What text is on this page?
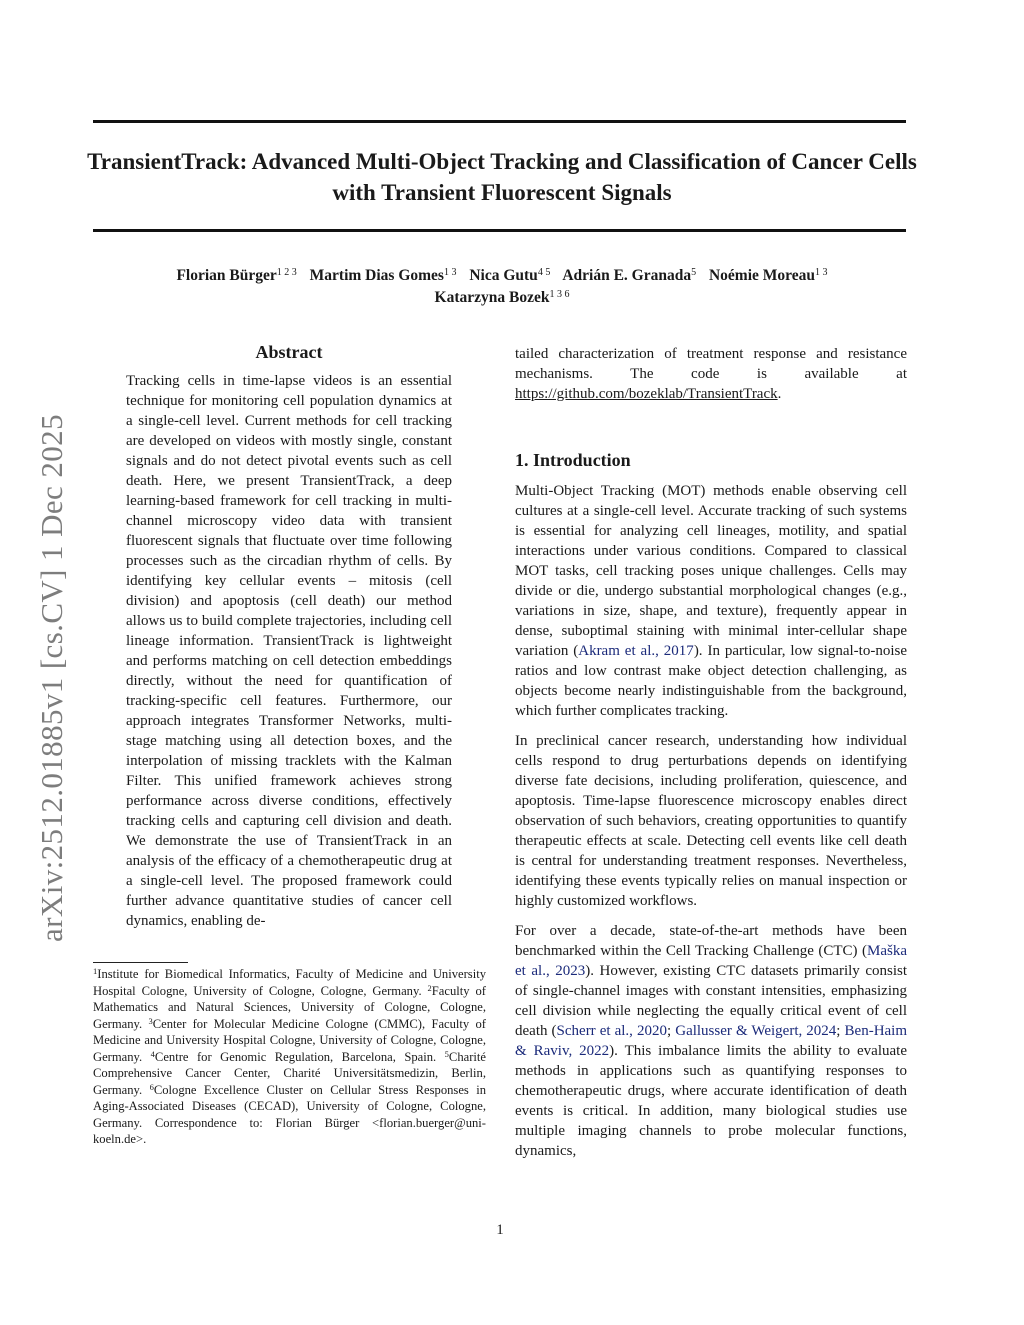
arXiv:2512.01885v1 [cs.CV] 1 Dec 2025
TransientTrack: Advanced Multi-Object Tracking and Classification of Cancer Cells with Transient Fluorescent Signals
Florian Bürger$^{1 2 3}$ Martim Dias Gomes$^{1 3}$ Nica Gutu$^{4 5}$ Adrián E. Granada$^5$ Noémie Moreau$^{1 3}$
Katarzyna Bozek$^{1 3 6}$
Abstract

Tracking cells in time-lapse videos is an essential technique for monitoring cell population dynamics at a single-cell level. Current methods for cell tracking are developed on videos with mostly single, constant signals and do not detect pivotal events such as cell death. Here, we present TransientTrack, a deep learning-based framework for cell tracking in multi-channel microscopy video data with transient fluorescent signals that fluctuate over time following processes such as the circadian rhythm of cells. By identifying key cellular events – mitosis (cell division) and apoptosis (cell death) our method allows us to build complete trajectories, including cell lineage information. TransientTrack is lightweight and performs matching on cell detection embeddings directly, without the need for quantification of tracking-specific cell features. Furthermore, our approach integrates Transformer Networks, multi-stage matching using all detection boxes, and the interpolation of missing tracklets with the Kalman Filter. This unified framework achieves strong performance across diverse conditions, effectively tracking cells and capturing cell division and death. We demonstrate the use of TransientTrack in an analysis of the efficacy of a chemotherapeutic drug at a single-cell level. The proposed framework could further advance quantitative studies of cancer cell dynamics, enabling de-

$^1$Institute for Biomedical Informatics, Faculty of Medicine and University Hospital Cologne, University of Cologne, Cologne, Germany. $^2$Faculty of Mathematics and Natural Sciences, University of Cologne, Cologne, Germany. $^3$Center for Molecular Medicine Cologne (CMMC), Faculty of Medicine and University Hospital Cologne, University of Cologne, Cologne, Germany. $^4$Centre for Genomic Regulation, Barcelona, Spain. $^5$Charité Comprehensive Cancer Center, Charité Universitätsmedizin, Berlin, Germany. $^6$Cologne Excellence Cluster on Cellular Stress Responses in Aging-Associated Diseases (CECAD), University of Cologne, Cologne, Germany. Correspondence to: Florian Bürger <florian.buerger@uni-koeln.de>.

tailed characterization of treatment response and resistance mechanisms. The code is available at https://github.com/bozeklab/TransientTrack.

1. Introduction

Multi-Object Tracking (MOT) methods enable observing cell cultures at a single-cell level. Accurate tracking of such systems is essential for analyzing cell lineages, motility, and spatial interactions under various conditions. Compared to classical MOT tasks, cell tracking poses unique challenges. Cells may divide or die, undergo substantial morphological changes (e.g., variations in size, shape, and texture), frequently appear in dense, suboptimal staining with minimal inter-cellular shape variation (Akram et al., 2017). In particular, low signal-to-noise ratios and low contrast make object detection challenging, as objects become nearly indistinguishable from the background, which further complicates tracking.

In preclinical cancer research, understanding how individual cells respond to drug perturbations depends on identifying diverse fate decisions, including proliferation, quiescence, and apoptosis. Time-lapse fluorescence microscopy enables direct observation of such behaviors, creating opportunities to quantify therapeutic effects at scale. Detecting cell events like cell death is central for understanding treatment responses. Nevertheless, identifying these events typically relies on manual inspection or highly customized workflows.

For over a decade, state-of-the-art methods have been benchmarked within the Cell Tracking Challenge (CTC) (Maška et al., 2023). However, existing CTC datasets primarily consist of single-channel images with constant intensities, emphasizing cell division while neglecting the equally critical event of cell death (Scherr et al., 2020; Gallusser & Weigert, 2024; Ben-Haim & Raviv, 2022). This imbalance limits the ability to evaluate methods in applications such as quantifying responses to chemotherapeutic drugs, where accurate identification of death events is critical. In addition, many biological studies use multiple imaging channels to probe molecular functions, dynamics,

1
